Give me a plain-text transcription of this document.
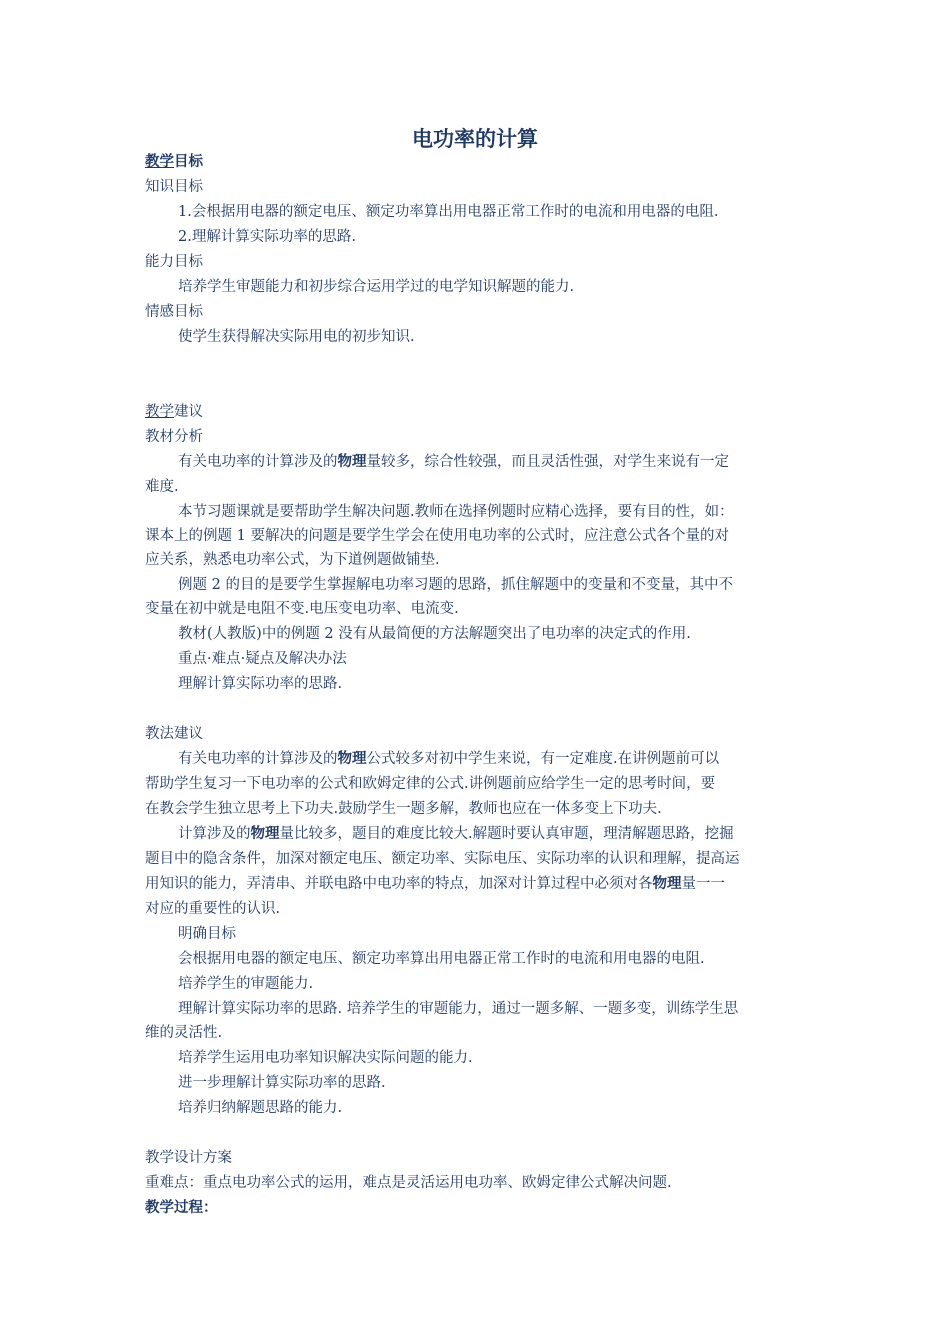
电功率的计算
教学目标
知识目标
1.会根据用电器的额定电压、额定功率算出用电器正常工作时的电流和用电器的电阻.
2.理解计算实际功率的思路.
能力目标
培养学生审题能力和初步综合运用学过的电学知识解题的能力.
情感目标
使学生获得解决实际用电的初步知识.
教学建议
教材分析
有关电功率的计算涉及的物理量较多，综合性较强，而且灵活性强，对学生来说有一定
难度.
本节习题课就是要帮助学生解决问题.教师在选择例题时应精心选择，要有目的性，如：
课本上的例题 1 要解决的问题是要学生学会在使用电功率的公式时，应注意公式各个量的对
应关系，熟悉电功率公式，为下道例题做铺垫.
例题 2 的目的是要学生掌握解电功率习题的思路，抓住解题中的变量和不变量，其中不
变量在初中就是电阻不变.电压变电功率、电流变.
教材(人教版)中的例题 2 没有从最简便的方法解题突出了电功率的决定式的作用.
重点·难点·疑点及解决办法
理解计算实际功率的思路.
教法建议
有关电功率的计算涉及的物理公式较多对初中学生来说，有一定难度.在讲例题前可以
帮助学生复习一下电功率的公式和欧姆定律的公式.讲例题前应给学生一定的思考时间，要
在教会学生独立思考上下功夫.鼓励学生一题多解，教师也应在一体多变上下功夫.
计算涉及的物理量比较多，题目的难度比较大.解题时要认真审题，理清解题思路，挖掘
题目中的隐含条件，加深对额定电压、额定功率、实际电压、实际功率的认识和理解，提高运
用知识的能力，弄清串、并联电路中电功率的特点，加深对计算过程中必须对各物理量一一
对应的重要性的认识.
明确目标
会根据用电器的额定电压、额定功率算出用电器正常工作时的电流和用电器的电阻.
培养学生的审题能力.
理解计算实际功率的思路. 培养学生的审题能力，通过一题多解、一题多变，训练学生思
维的灵活性.
培养学生运用电功率知识解决实际问题的能力.
进一步理解计算实际功率的思路.
培养归纳解题思路的能力.
教学设计方案
重难点：重点电功率公式的运用，难点是灵活运用电功率、欧姆定律公式解决问题.
教学过程：
